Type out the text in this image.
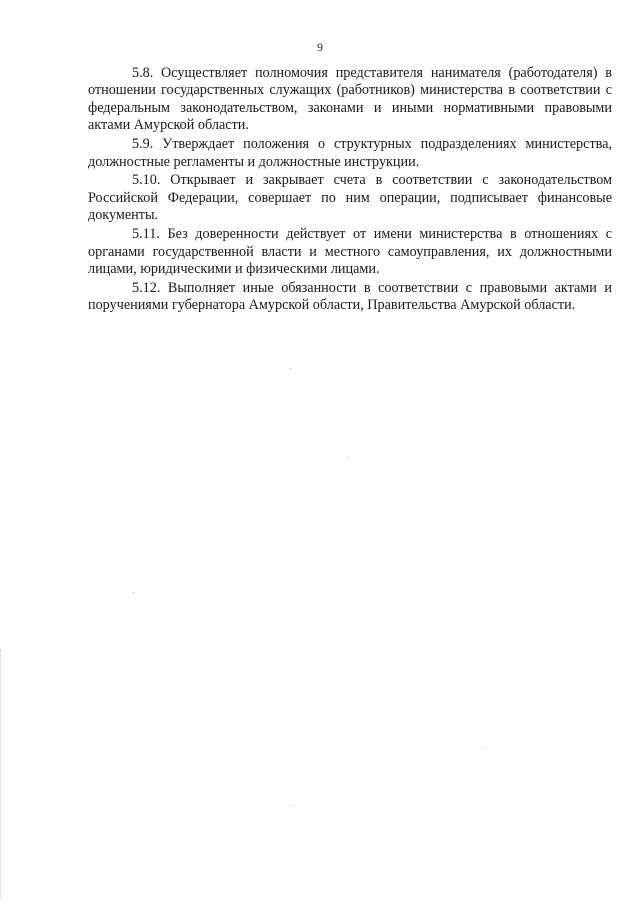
9

5.8. Осуществляет полномочия представителя нанимателя (работодателя) в отношении государственных служащих (работников) министерства в соответствии с федеральным законодательством, законами и иными нормативными правовыми актами Амурской области.

5.9. Утверждает положения о структурных подразделениях министерства, должностные регламенты и должностные инструкции.

5.10. Открывает и закрывает счета в соответствии с законодательством Российской Федерации, совершает по ним операции, подписывает финансовые документы.

5.11. Без доверенности действует от имени министерства в отношениях с органами государственной власти и местного самоуправления, их должностными лицами, юридическими и физическими лицами.

5.12. Выполняет иные обязанности в соответствии с правовыми актами и поручениями губернатора Амурской области, Правительства Амурской области.
